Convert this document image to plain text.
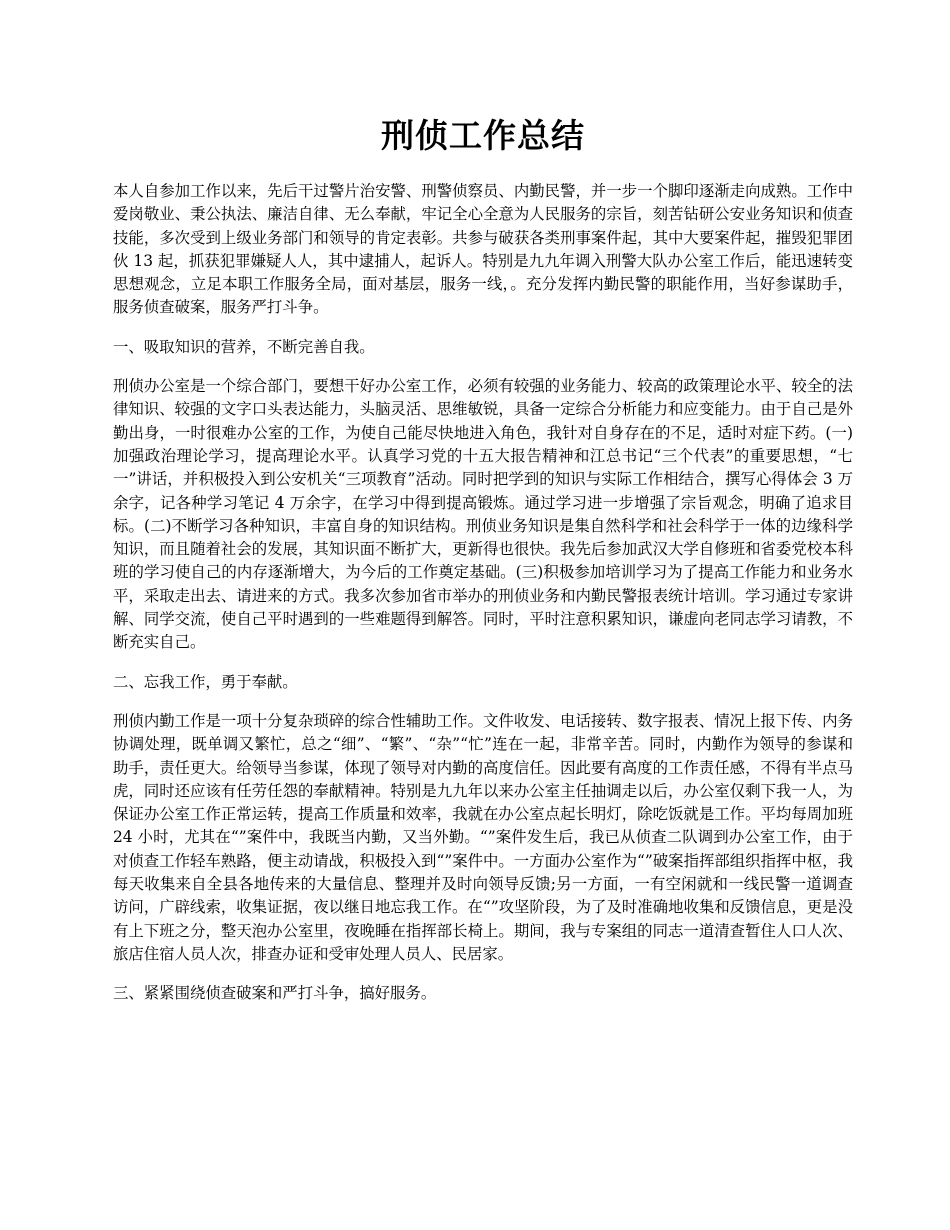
刑侦工作总结

本人自参加工作以来，先后干过警片治安警、刑警侦察员、内勤民警，并一步一个脚印逐渐走向成熟。工作中爱岗敬业、秉公执法、廉洁自律、无么奉献，牢记全心全意为人民服务的宗旨，刻苦钻研公安业务知识和侦查技能，多次受到上级业务部门和领导的肯定表彰。共参与破获各类刑事案件起，其中大要案件起，摧毁犯罪团伙 13 起，抓获犯罪嫌疑人人，其中逮捕人，起诉人。特别是九九年调入刑警大队办公室工作后，能迅速转变思想观念，立足本职工作服务全局，面对基层，服务一线，。充分发挥内勤民警的职能作用，当好参谋助手，服务侦查破案，服务严打斗争。

一、吸取知识的营养，不断完善自我。

刑侦办公室是一个综合部门，要想干好办公室工作，必须有较强的业务能力、较高的政策理论水平、较全的法律知识、较强的文字口头表达能力，头脑灵活、思维敏锐，具备一定综合分析能力和应变能力。由于自己是外勤出身，一时很难办公室的工作，为使自己能尽快地进入角色，我针对自身存在的不足，适时对症下药。(一)加强政治理论学习，提高理论水平。认真学习党的十五大报告精神和江总书记“三个代表”的重要思想，“七一”讲话，并积极投入到公安机关“三项教育”活动。同时把学到的知识与实际工作相结合，撰写心得体会 3 万余字，记各种学习笔记 4 万余字，在学习中得到提高锻炼。通过学习进一步增强了宗旨观念，明确了追求目标。(二)不断学习各种知识，丰富自身的知识结构。刑侦业务知识是集自然科学和社会科学于一体的边缘科学知识，而且随着社会的发展，其知识面不断扩大，更新得也很快。我先后参加武汉大学自修班和省委党校本科班的学习使自己的内存逐渐增大，为今后的工作奠定基础。(三)积极参加培训学习为了提高工作能力和业务水平，采取走出去、请进来的方式。我多次参加省市举办的刑侦业务和内勤民警报表统计培训。学习通过专家讲解、同学交流，使自己平时遇到的一些难题得到解答。同时，平时注意积累知识，谦虚向老同志学习请教，不断充实自己。

二、忘我工作，勇于奉献。

刑侦内勤工作是一项十分复杂琐碎的综合性辅助工作。文件收发、电话接转、数字报表、情况上报下传、内务协调处理，既单调又繁忙，总之“细”、“繁”、“杂”“忙”连在一起，非常辛苦。同时，内勤作为领导的参谋和助手，责任更大。给领导当参谋，体现了领导对内勤的高度信任。因此要有高度的工作责任感，不得有半点马虎，同时还应该有任劳任怨的奉献精神。特别是九九年以来办公室主任抽调走以后，办公室仅剩下我一人，为保证办公室工作正常运转，提高工作质量和效率，我就在办公室点起长明灯，除吃饭就是工作。平均每周加班 24 小时，尤其在“”案件中，我既当内勤，又当外勤。“”案件发生后，我已从侦查二队调到办公室工作，由于对侦查工作轻车熟路，便主动请战，积极投入到“”案件中。一方面办公室作为“”破案指挥部组织指挥中枢，我每天收集来自全县各地传来的大量信息、整理并及时向领导反馈;另一方面，一有空闲就和一线民警一道调查访问，广辟线索，收集证据，夜以继日地忘我工作。在“”攻坚阶段，为了及时准确地收集和反馈信息，更是没有上下班之分，整天泡办公室里，夜晚睡在指挥部长椅上。期间，我与专案组的同志一道清查暂住人口人次、旅店住宿人员人次，排查办证和受审处理人员人、民居家。

三、紧紧围绕侦查破案和严打斗争，搞好服务。
